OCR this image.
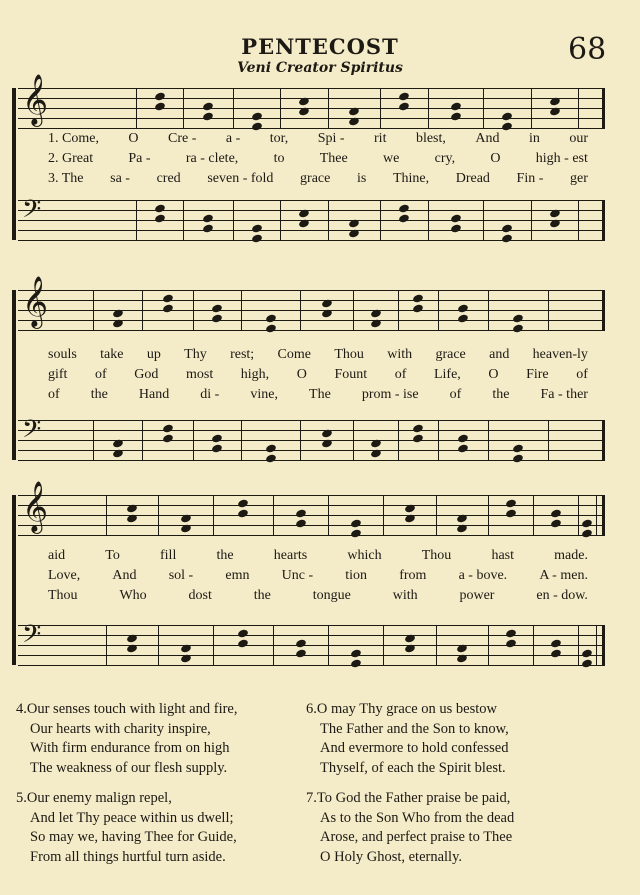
PENTECOST
Veni Creator Spiritus
68
𝄞
𝄢
1. Come, O Cre - a - tor, Spi - rit blest, And in our
2. Great	Pa -	ra - clete,	to	Thee	we	cry,	O	high - est
3. The sa - cred seven - fold grace is Thine, Dread Fin - ger
𝄞
𝄢
souls take up Thy rest; Come Thou with grace and heaven-ly
gift of God most high, O Fount of Life, O Fire of
of the Hand di - vine, The prom - ise of the Fa - ther
𝄞
𝄢
aid	To	fill	the	hearts	which	Thou	hast	made.
Love, And sol - emn Unc - tion from a - bove. A - men.
Thou	Who	dost	the	tongue	with	power	en - dow.
4.Our senses touch with light and fire,
Our hearts with charity inspire,
With firm endurance from on high
The weakness of our flesh supply.
6.O may Thy grace on us bestow
The Father and the Son to know,
And evermore to hold confessed
Thyself, of each the Spirit blest.
5.Our enemy malign repel,
And let Thy peace within us dwell;
So may we, having Thee for Guide,
From all things hurtful turn aside.
7.To God the Father praise be paid,
As to the Son Who from the dead
Arose, and perfect praise to Thee
O Holy Ghost, eternally.
